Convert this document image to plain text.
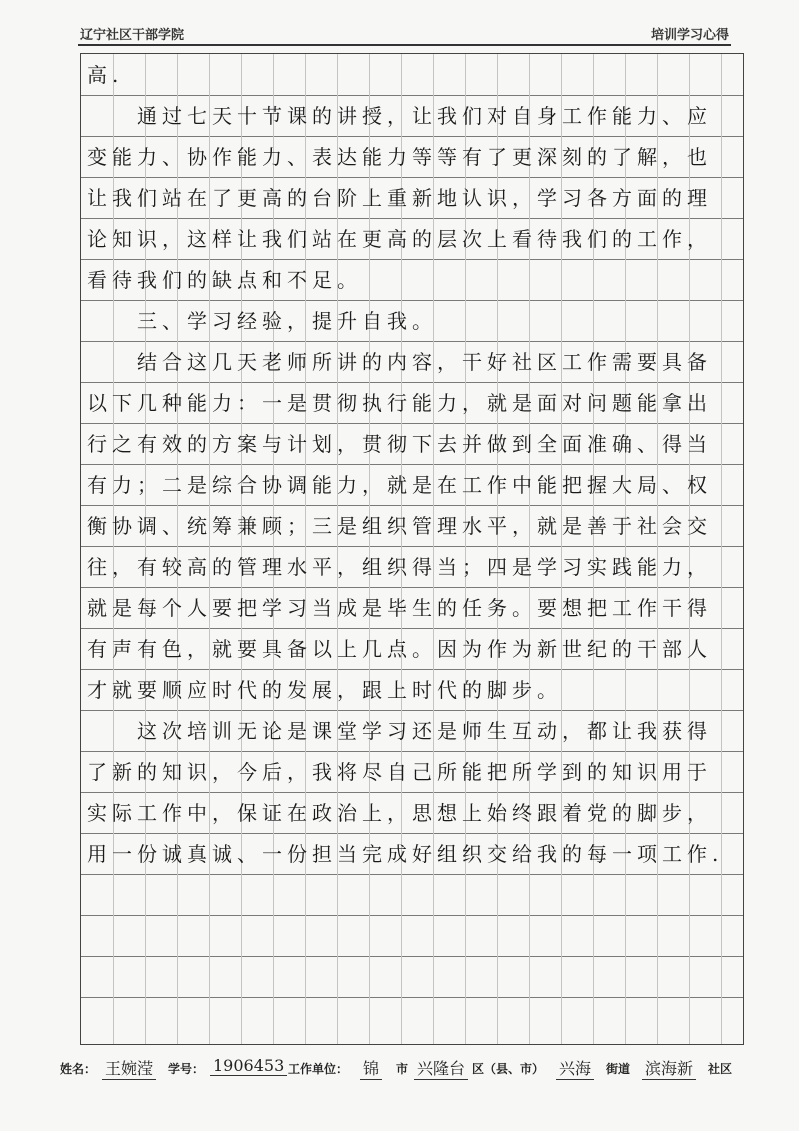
辽宁社区干部学院	培训学习心得
高.
　　通过七天十节课的讲授，让我们对自身工作能力、应
变能力、协作能力、表达能力等等有了更深刻的了解，也
让我们站在了更高的台阶上重新地认识，学习各方面的理
论知识，这样让我们站在更高的层次上看待我们的工作，
看待我们的缺点和不足。
　　三、学习经验，提升自我。
　　结合这几天老师所讲的内容，干好社区工作需要具备
以下几种能力：一是贯彻执行能力，就是面对问题能拿出
行之有效的方案与计划，贯彻下去并做到全面准确、得当
有力；二是综合协调能力，就是在工作中能把握大局、权
衡协调、统筹兼顾；三是组织管理水平，就是善于社会交
往，有较高的管理水平，组织得当；四是学习实践能力，
就是每个人要把学习当成是毕生的任务。要想把工作干得
有声有色，就要具备以上几点。因为作为新世纪的干部人
才就要顺应时代的发展，跟上时代的脚步。
　　这次培训无论是课堂学习还是师生互动，都让我获得
了新的知识，今后，我将尽自己所能把所学到的知识用于
实际工作中，保证在政治上，思想上始终跟着党的脚步，
用一份诚真诚、一份担当完成好组织交给我的每一项工作.
姓名： 王婉滢 学号： 1906453 工作单位： 锦 市 兴隆台 区（县、市） 兴海 街道 滨海新 社区
